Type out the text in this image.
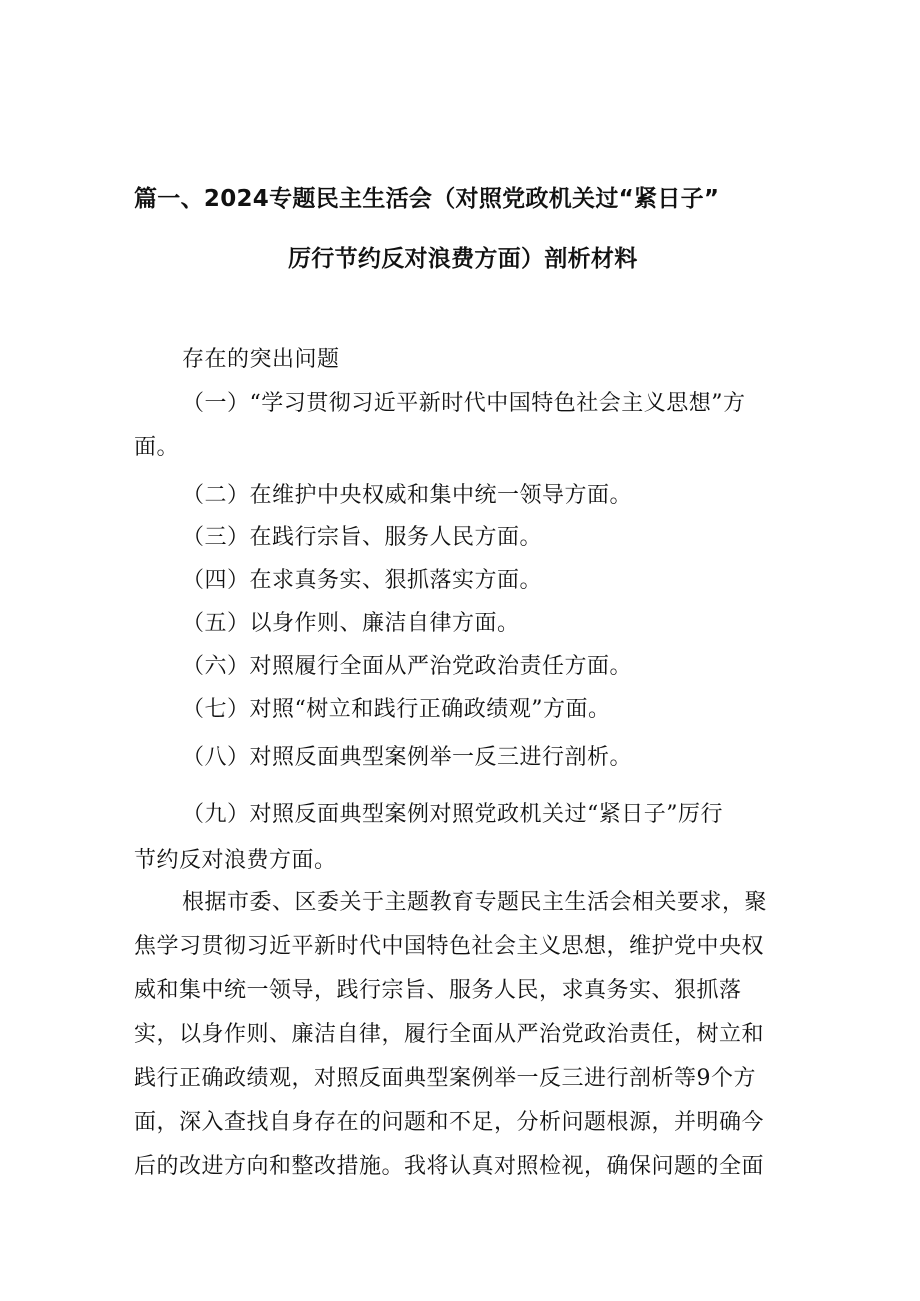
篇一、2024专题民主生活会（对照党政机关过“紧日子”
厉行节约反对浪费方面）剖析材料
存在的突出问题
（一）“学习贯彻习近平新时代中国特色社会主义思想”方
面。
（二）在维护中央权威和集中统一领导方面。
（三）在践行宗旨、服务人民方面。
（四）在求真务实、狠抓落实方面。
（五）以身作则、廉洁自律方面。
（六）对照履行全面从严治党政治责任方面。
（七）对照“树立和践行正确政绩观”方面。
（八）对照反面典型案例举一反三进行剖析。
（九）对照反面典型案例对照党政机关过“紧日子”厉行
节约反对浪费方面。
根据市委、区委关于主题教育专题民主生活会相关要求，聚
焦学习贯彻习近平新时代中国特色社会主义思想，维护党中央权
威和集中统一领导，践行宗旨、服务人民，求真务实、狠抓落
实，以身作则、廉洁自律，履行全面从严治党政治责任，树立和
践行正确政绩观，对照反面典型案例举一反三进行剖析等9个方
面，深入查找自身存在的问题和不足，分析问题根源，并明确今
后的改进方向和整改措施。我将认真对照检视，确保问题的全面
